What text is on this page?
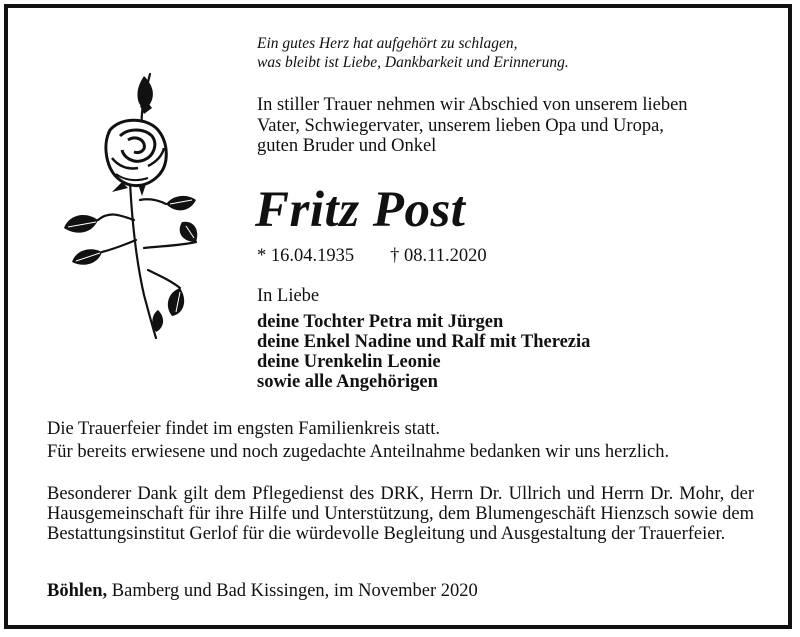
Ein gutes Herz hat aufgehört zu schlagen,
was bleibt ist Liebe, Dankbarkeit und Erinnerung.
In stiller Trauer nehmen wir Abschied von unserem lieben
Vater, Schwiegervater, unserem lieben Opa und Uropa,
guten Bruder und Onkel
Fritz Post
* 16.04.1935 † 08.11.2020
In Liebe
deine Tochter Petra mit Jürgen
deine Enkel Nadine und Ralf mit Therezia
deine Urenkelin Leonie
sowie alle Angehörigen
Die Trauerfeier findet im engsten Familienkreis statt.
Für bereits erwiesene und noch zugedachte Anteilnahme bedanken wir uns herzlich.
Besonderer Dank gilt dem Pflegedienst des DRK, Herrn Dr. Ullrich und Herrn Dr. Mohr, der Hausgemeinschaft für ihre Hilfe und Unterstützung, dem Blumengeschäft Hienzsch sowie dem Bestattungsinstitut Gerlof für die würdevolle Begleitung und Ausgestaltung der Trauerfeier.
Böhlen, Bamberg und Bad Kissingen, im November 2020
